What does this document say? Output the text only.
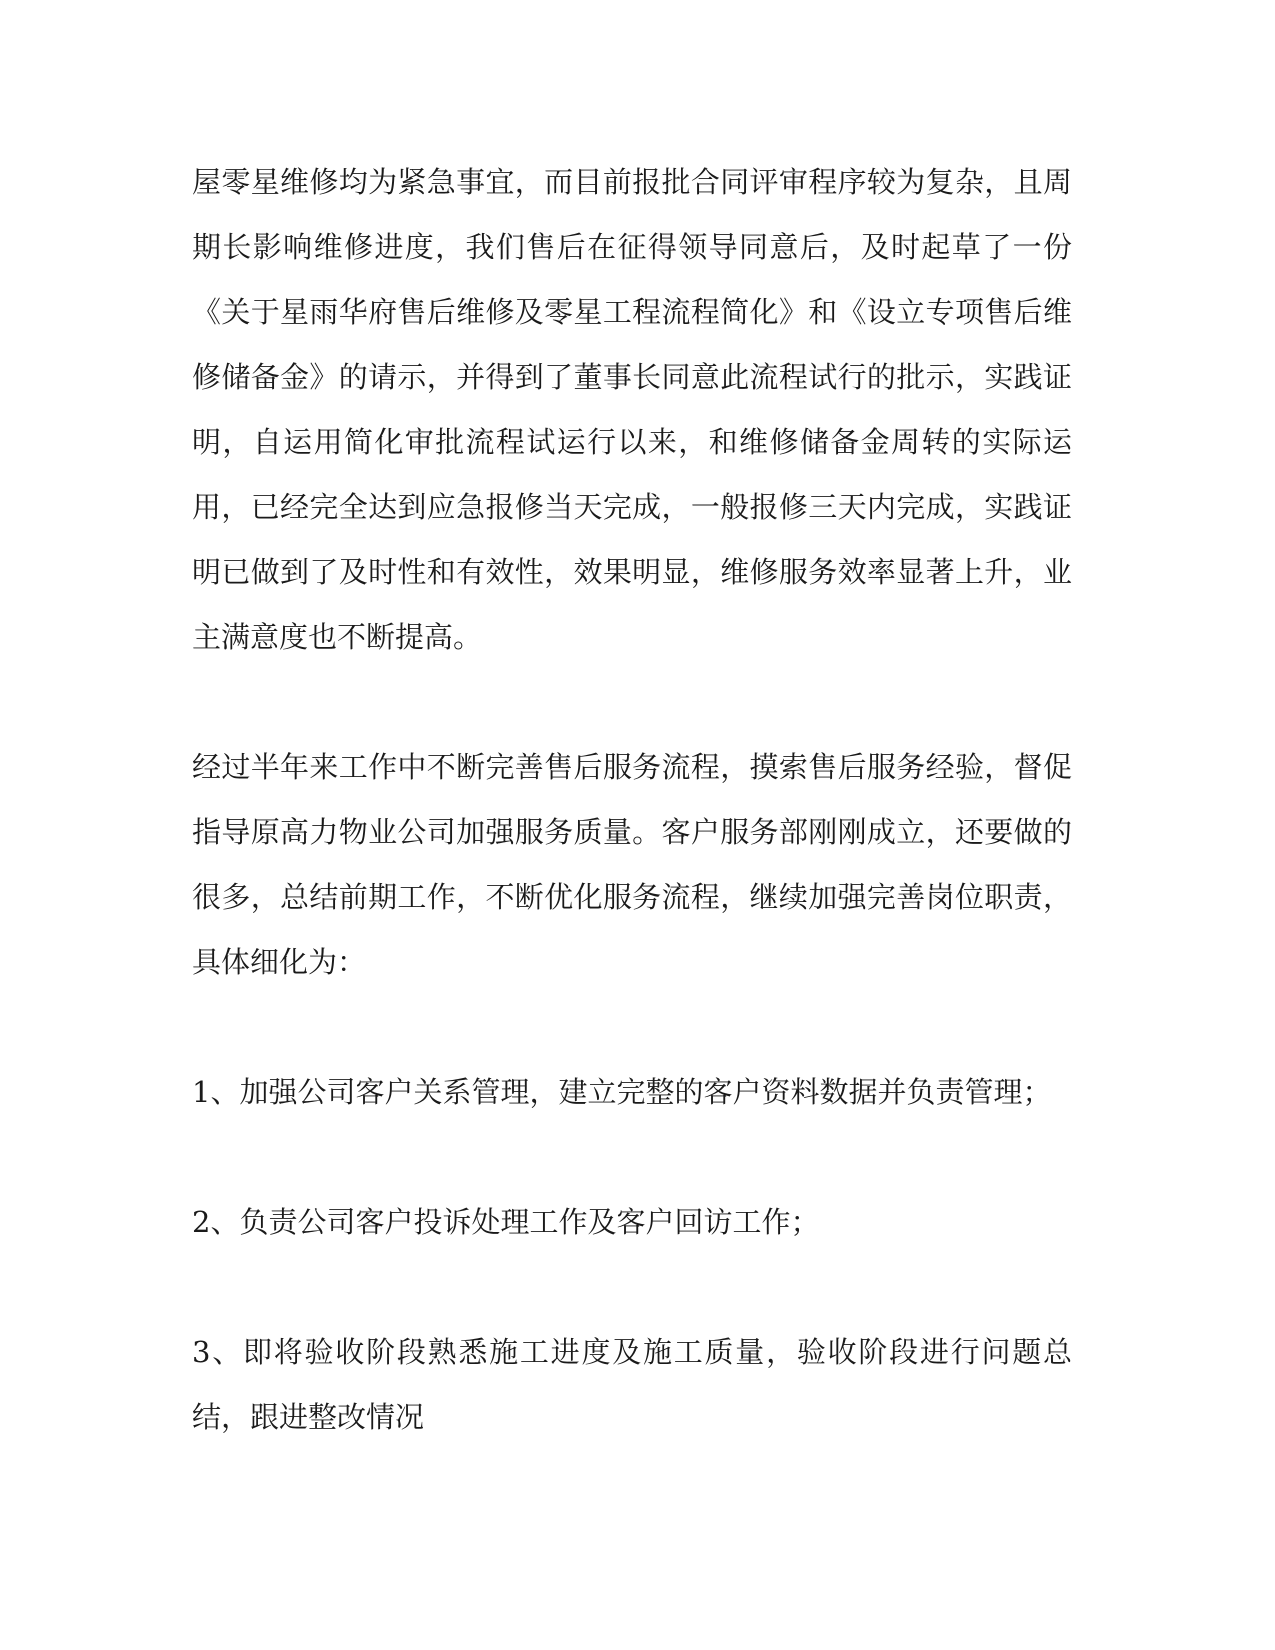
屋零星维修均为紧急事宜，而目前报批合同评审程序较为复杂，且周期长影响维修进度，我们售后在征得领导同意后，及时起草了一份《关于星雨华府售后维修及零星工程流程简化》和《设立专项售后维修储备金》的请示，并得到了董事长同意此流程试行的批示，实践证明，自运用简化审批流程试运行以来，和维修储备金周转的实际运用，已经完全达到应急报修当天完成，一般报修三天内完成，实践证明已做到了及时性和有效性，效果明显，维修服务效率显著上升，业主满意度也不断提高。

经过半年来工作中不断完善售后服务流程，摸索售后服务经验，督促指导原高力物业公司加强服务质量。客户服务部刚刚成立，还要做的很多，总结前期工作，不断优化服务流程，继续加强完善岗位职责，具体细化为：

1、加强公司客户关系管理，建立完整的客户资料数据并负责管理；

2、负责公司客户投诉处理工作及客户回访工作；

3、即将验收阶段熟悉施工进度及施工质量，验收阶段进行问题总结，跟进整改情况
